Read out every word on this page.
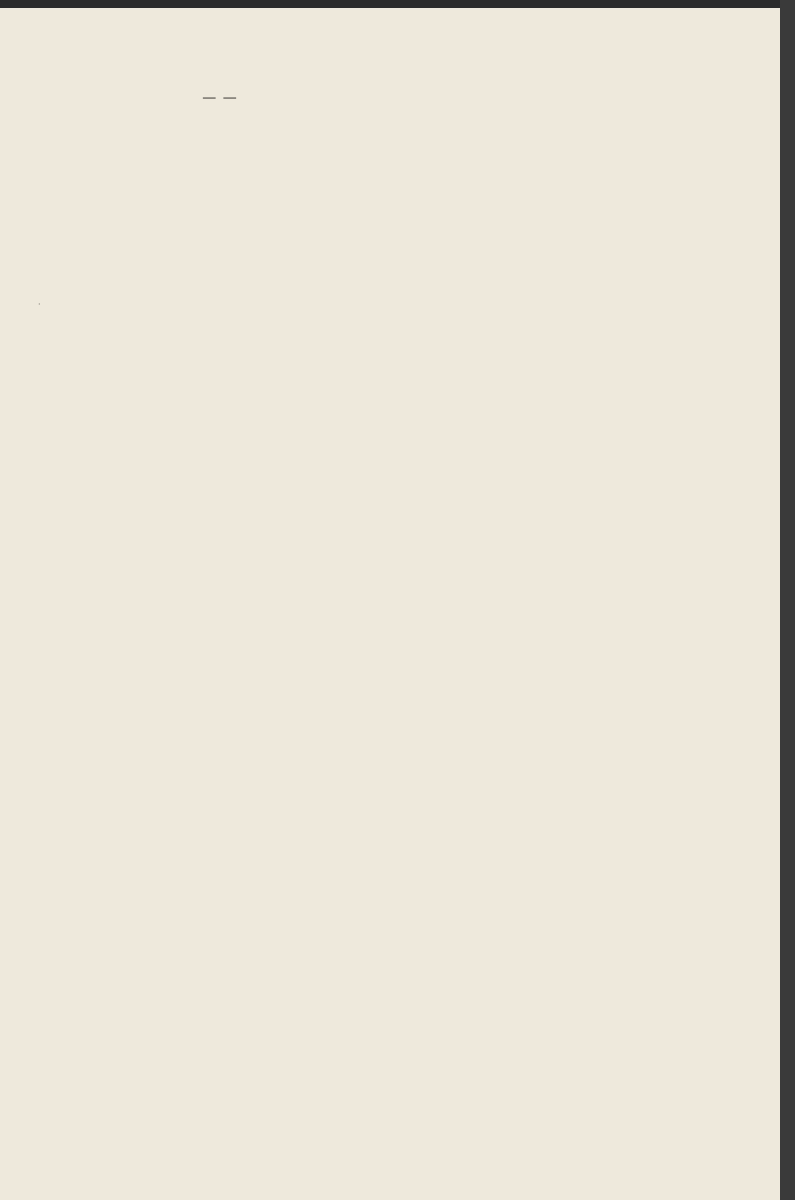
— —
·
